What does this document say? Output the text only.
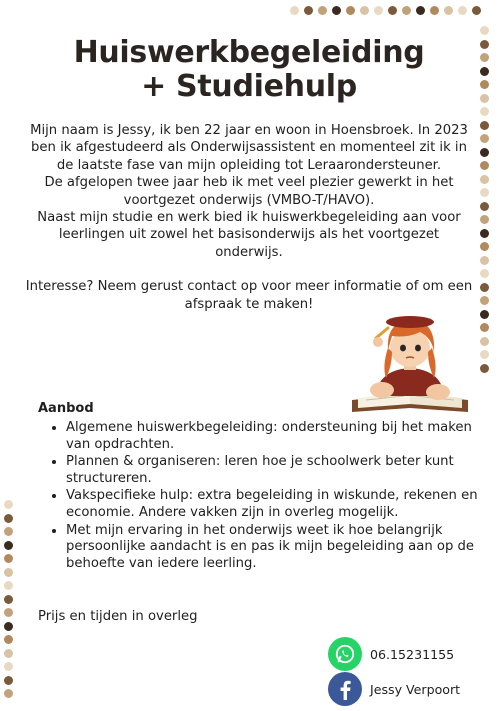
Huiswerkbegeleiding
+ Studiehulp

Mijn naam is Jessy, ik ben 22 jaar en woon in Hoensbroek. In 2023 ben ik afgestudeerd als Onderwijsassistent en momenteel zit ik in de laatste fase van mijn opleiding tot Leraarondersteuner.

De afgelopen twee jaar heb ik met veel plezier gewerkt in het voortgezet onderwijs (VMBO-T/HAVO).

Naast mijn studie en werk bied ik huiswerkbegeleiding aan voor leerlingen uit zowel het basisonderwijs als het voortgezet onderwijs.

Interesse? Neem gerust contact op voor meer informatie of om een afspraak te maken!

Aanbod

• Algemene huiswerkbegeleiding: ondersteuning bij het maken van opdrachten.
• Plannen & organiseren: leren hoe je schoolwerk beter kunt structureren.
• Vakspecifieke hulp: extra begeleiding in wiskunde, rekenen en economie. Andere vakken zijn in overleg mogelijk.
• Met mijn ervaring in het onderwijs weet ik hoe belangrijk persoonlijke aandacht is en pas ik mijn begeleiding aan op de behoefte van iedere leerling.

Prijs en tijden in overleg

06.15231155
Jessy Verpoort
